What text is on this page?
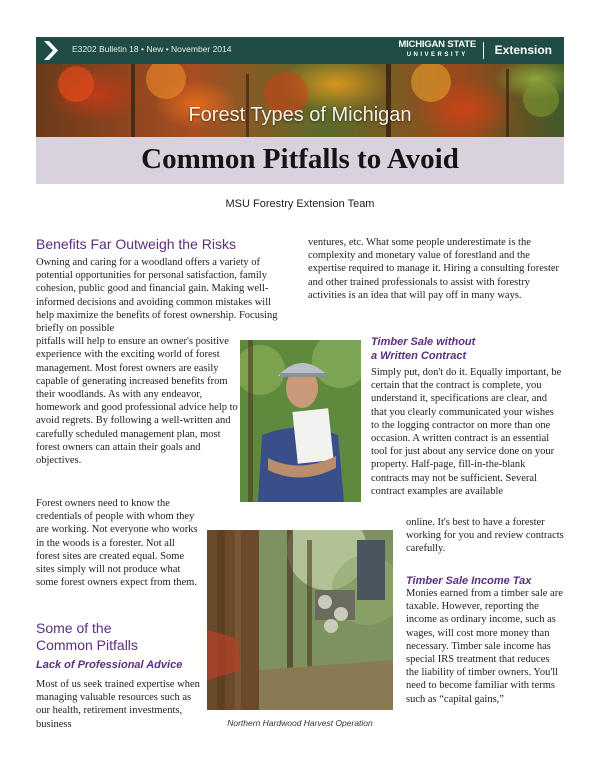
E3202 Bulletin 18 • New • November 2014	MICHIGAN STATE
UNIVERSITY	Extension
Forest Types of Michigan
Common Pitfalls to Avoid
MSU Forestry Extension Team
Benefits Far Outweigh the Risks
Owning and caring for a woodland offers a variety of potential opportunities for personal satisfaction, family cohesion, public good and financial gain. Making well-informed decisions and avoiding common mistakes will help maximize the benefits of forest ownership. Focusing briefly on possible
pitfalls will help to ensure an owner's positive experience with the exciting world of forest management. Most forest owners are easily capable of generating increased benefits from their woodlands. As with any endeavor, homework and good professional advice help to avoid regrets. By following a well-written and carefully scheduled management plan, most forest owners can attain their goals and objectives.
Forest owners need to know the credentials of people with whom they are working. Not everyone who works in the woods is a forester. Not all forest sites are created equal. Some sites simply will not produce what some forest owners expect from them.
Some of the
Common Pitfalls
Lack of Professional Advice
Most of us seek trained expertise when managing valuable resources such as our health, retirement investments, business
ventures, etc. What some people underestimate is the complexity and monetary value of forestland and the expertise required to manage it. Hiring a consulting forester and other trained professionals to assist with forestry activities is an idea that will pay off in many ways.
Timber Sale without
a Written Contract
Simply put, don't do it. Equally important, be certain that the contract is complete, you understand it, specifications are clear, and that you clearly communicated your wishes to the logging contractor on more than one occasion. A written contract is an essential tool for just about any service done on your property. Half-page, fill-in-the-blank contracts may not be sufficient. Several contract examples are available
online. It's best to have a forester working for you and review contracts carefully.
Timber Sale Income Tax
Monies earned from a timber sale are taxable. However, reporting the income as ordinary income, such as wages, will cost more money than necessary. Timber sale income has special IRS treatment that reduces the liability of timber owners. You'll need to become familiar with terms such as “capital gains,”
Northern Hardwood Harvest Operation
